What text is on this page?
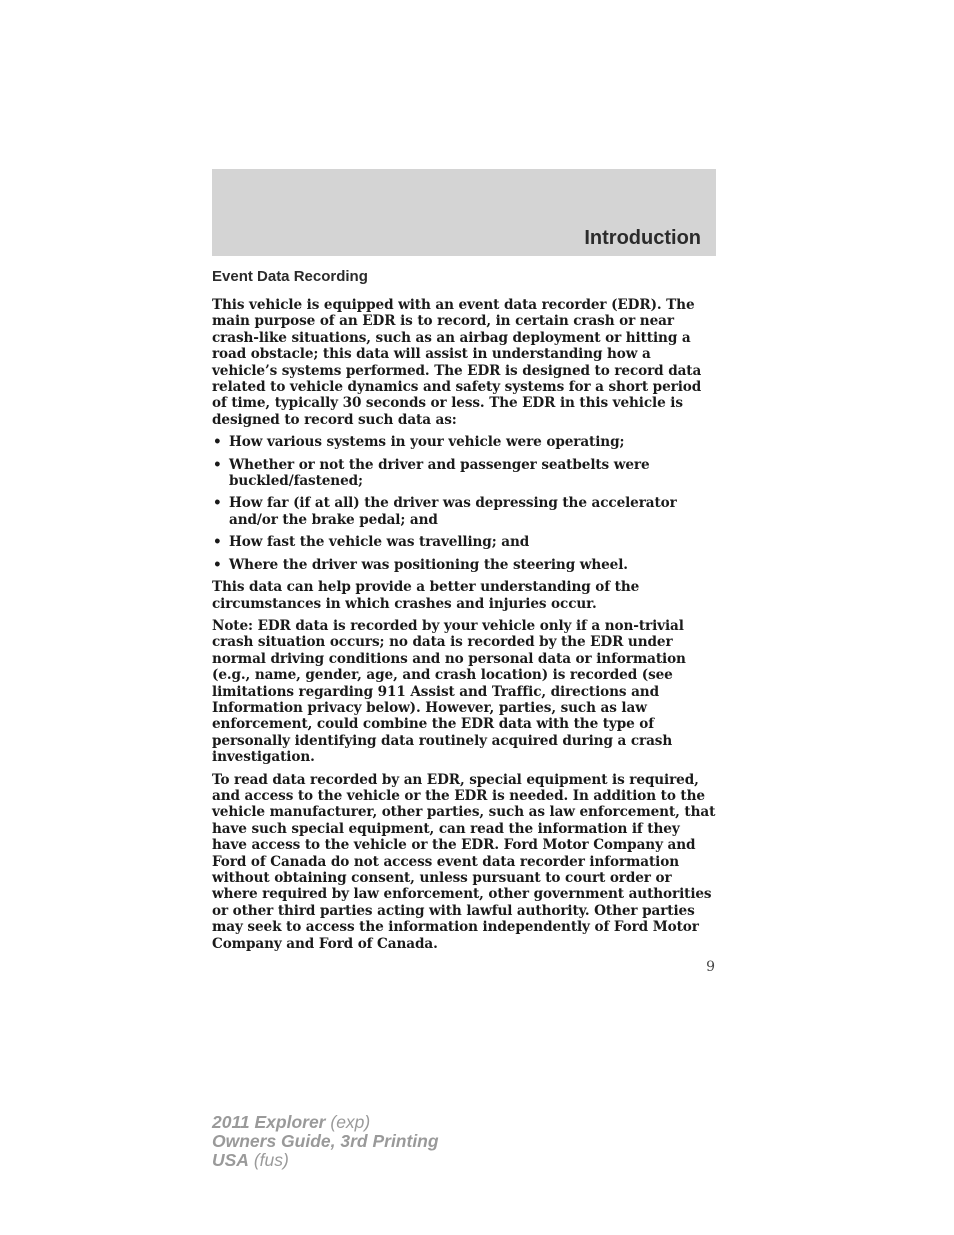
Introduction
Event Data Recording

This vehicle is equipped with an event data recorder (EDR). The main purpose of an EDR is to record, in certain crash or near crash-like situations, such as an airbag deployment or hitting a road obstacle; this data will assist in understanding how a vehicle’s systems performed. The EDR is designed to record data related to vehicle dynamics and safety systems for a short period of time, typically 30 seconds or less. The EDR in this vehicle is designed to record such data as:

• How various systems in your vehicle were operating;
• Whether or not the driver and passenger seatbelts were buckled/fastened;
• How far (if at all) the driver was depressing the accelerator and/or the brake pedal; and
• How fast the vehicle was travelling; and
• Where the driver was positioning the steering wheel.

This data can help provide a better understanding of the circumstances in which crashes and injuries occur.

Note: EDR data is recorded by your vehicle only if a non-trivial crash situation occurs; no data is recorded by the EDR under normal driving conditions and no personal data or information (e.g., name, gender, age, and crash location) is recorded (see limitations regarding 911 Assist and Traffic, directions and Information privacy below). However, parties, such as law enforcement, could combine the EDR data with the type of personally identifying data routinely acquired during a crash investigation.

To read data recorded by an EDR, special equipment is required, and access to the vehicle or the EDR is needed. In addition to the vehicle manufacturer, other parties, such as law enforcement, that have such special equipment, can read the information if they have access to the vehicle or the EDR. Ford Motor Company and Ford of Canada do not access event data recorder information without obtaining consent, unless pursuant to court order or where required by law enforcement, other government authorities or other third parties acting with lawful authority. Other parties may seek to access the information independently of Ford Motor Company and Ford of Canada.

9
2011 Explorer (exp)
Owners Guide, 3rd Printing
USA (fus)
